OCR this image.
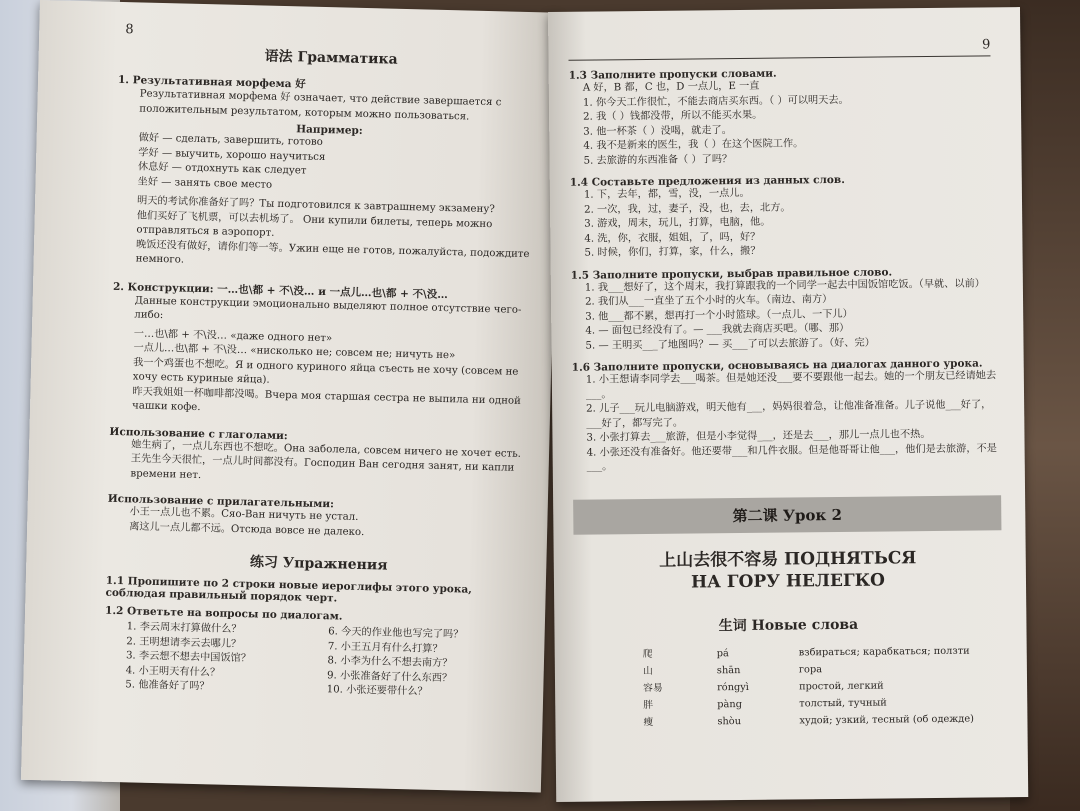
8

语法 Грамматика

1. Результативная морфема 好

Результативная морфема 好 означает, что действие завершается с положительным результатом, которым можно пользоваться.

Например:

做好 — сделать, завершить, готово

学好 — выучить, хорошо научиться

休息好 — отдохнуть как следует

坐好 — занять свое место

明天的考试你准备好了吗？Ты подготовился к завтрашнему экзамену?

他们买好了飞机票，可以去机场了。 Они купили билеты, теперь можно отправляться в аэропорт.

晚饭还没有做好，请你们等一等。Ужин еще не готов, пожалуйста, подождите немного.

2. Конструкции: 一…也\都 + 不\没… и 一点儿…也\都 + 不\没…

Данные конструкции эмоционально выделяют полное отсутствие чего-либо:

一…也\都 + 不\没… «даже одного нет»

一点儿…也\都 + 不\没… «нисколько не; совсем не; ничуть не»

我一个鸡蛋也不想吃。Я и одного куриного яйца съесть не хочу (совсем не хочу есть куриные яйца).

昨天我姐姐一杯咖啡都没喝。Вчера моя старшая сестра не выпила ни одной чашки кофе.

Использование с глаголами:

她生病了，一点儿东西也不想吃。Она заболела, совсем ничего не хочет есть.

王先生今天很忙，一点儿时间都没有。Господин Ван сегодня занят, ни капли времени нет.

Использование с прилагательными:

小王一点儿也不累。Сяо-Ван ничуть не устал.

离这儿一点儿都不远。Отсюда вовсе не далеко.

练习 Упражнения

1.1 Пропишите по 2 строки новые иероглифы этого урока, соблюдая правильный порядок черт.

1.2 Ответьте на вопросы по диалогам.

1. 李云周末打算做什么？

2. 王明想请李云去哪儿？

3. 李云想不想去中国饭馆？

4. 小王明天有什么？

5. 他准备好了吗？

6. 今天的作业他也写完了吗？

7. 小王五月有什么打算？

8. 小李为什么不想去南方？

9. 小张准备好了什么东西？

10. 小张还要带什么？

9

1.3 Заполните пропуски словами.

A 好，B 都，C 也，D 一点儿，E 一直

1. 你今天工作很忙，不能去商店买东西。（ ）可以明天去。

2. 我（ ）钱都没带，所以不能买水果。

3. 他一杯茶（ ）没喝，就走了。

4. 我不是新来的医生，我（ ）在这个医院工作。

5. 去旅游的东西准备（ ）了吗？

1.4 Составьте предложения из данных слов.

1. 下，去年，都，雪，没，一点儿。

2. 一次，我，过，妻子，没，也，去，北方。

3. 游戏，周末，玩儿，打算，电脑，他。

4. 洗，你，衣服，姐姐，了，吗，好？

5. 时候，你们，打算，家，什么，搬？

1.5 Заполните пропуски, выбрав правильное слово.

1. 我___想好了，这个周末，我打算跟我的一个同学一起去中国饭馆吃饭。（早就、以前）

2. 我们从___一直坐了五个小时的火车。（南边、南方）

3. 他___都不累，想再打一个小时篮球。（一点儿、一下儿）

4. — 面包已经没有了。— ___我就去商店买吧。（哪、那）

5. — 王明买___了地图吗？— 买___了可以去旅游了。（好、完）

1.6 Заполните пропуски, основываясь на диалогах данного урока.

1. 小王想请李同学去___喝茶。但是她还没___要不要跟他一起去。她的一个朋友已经请她去___。

2. 儿子___玩儿电脑游戏，明天他有___，妈妈很着急，让他准备准备。儿子说他___好了，___好了，都写完了。

3. 小张打算去___旅游，但是小李觉得___，还是去___，那儿一点儿也不热。

4. 小张还没有准备好。他还要带___和几件衣服。但是他哥哥让他___，他们是去旅游，不是___。

第二课 Урок 2

上山去很不容易 ПОДНЯТЬСЯ

НА ГОРУ НЕЛЕГКО

生词 Новые слова

爬	pá	взбираться; карабкаться; ползти
山	shān	гора
容易	róngyì	простой, легкий
胖	pàng	толстый, тучный
瘦	shòu	худой; узкий, тесный (об одежде)
